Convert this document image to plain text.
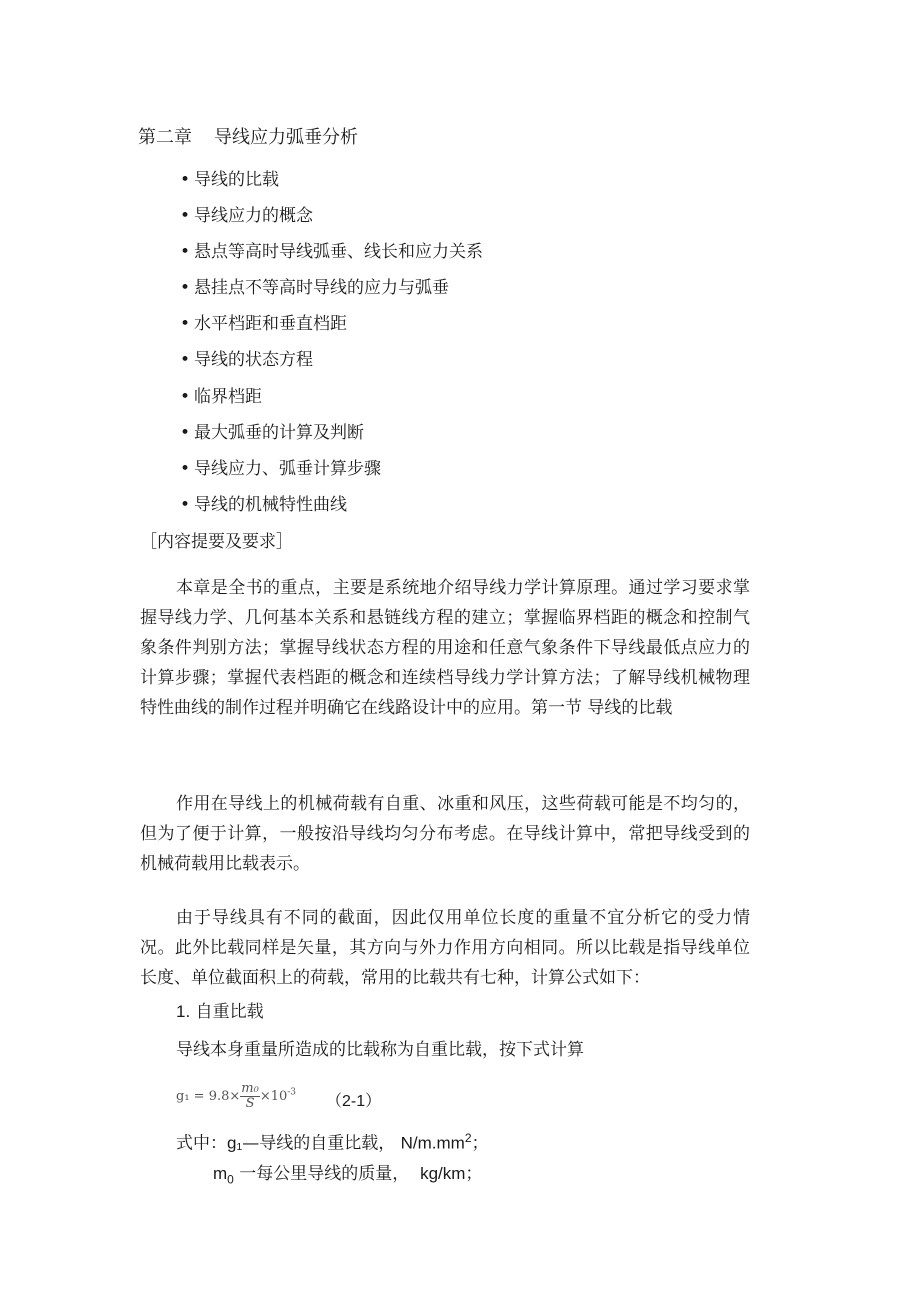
第二章 导线应力弧垂分析
• 导线的比载
• 导线应力的概念
• 悬点等高时导线弧垂、线长和应力关系
• 悬挂点不等高时导线的应力与弧垂
• 水平档距和垂直档距
• 导线的状态方程
• 临界档距
• 最大弧垂的计算及判断
• 导线应力、弧垂计算步骤
• 导线的机械特性曲线
［内容提要及要求］

本章是全书的重点，主要是系统地介绍导线力学计算原理。通过学习要求掌握导线力学、几何基本关系和悬链线方程的建立；掌握临界档距的概念和控制气象条件判别方法；掌握导线状态方程的用途和任意气象条件下导线最低点应力的计算步骤；掌握代表档距的概念和连续档导线力学计算方法；了解导线机械物理特性曲线的制作过程并明确它在线路设计中的应用。第一节 导线的比载

作用在导线上的机械荷载有自重、冰重和风压，这些荷载可能是不均匀的，但为了便于计算，一般按沿导线均匀分布考虑。在导线计算中，常把导线受到的机械荷载用比载表示。

由于导线具有不同的截面，因此仅用单位长度的重量不宜分析它的受力情况。此外比载同样是矢量，其方向与外力作用方向相同。所以比载是指导线单位长度、单位截面积上的荷载，常用的比载共有七种，计算公式如下：

1. 自重比载
导线本身重量所造成的比载称为自重比载，按下式计算
$g_1 = 9.8\times \frac{\text{m₀}}{S} \times 10^{-3}$
（2-1）
式中：g₁—导线的自重比载， $N/m.mm^2$；
$m_0$ 一每公里导线的质量， kg/km；
